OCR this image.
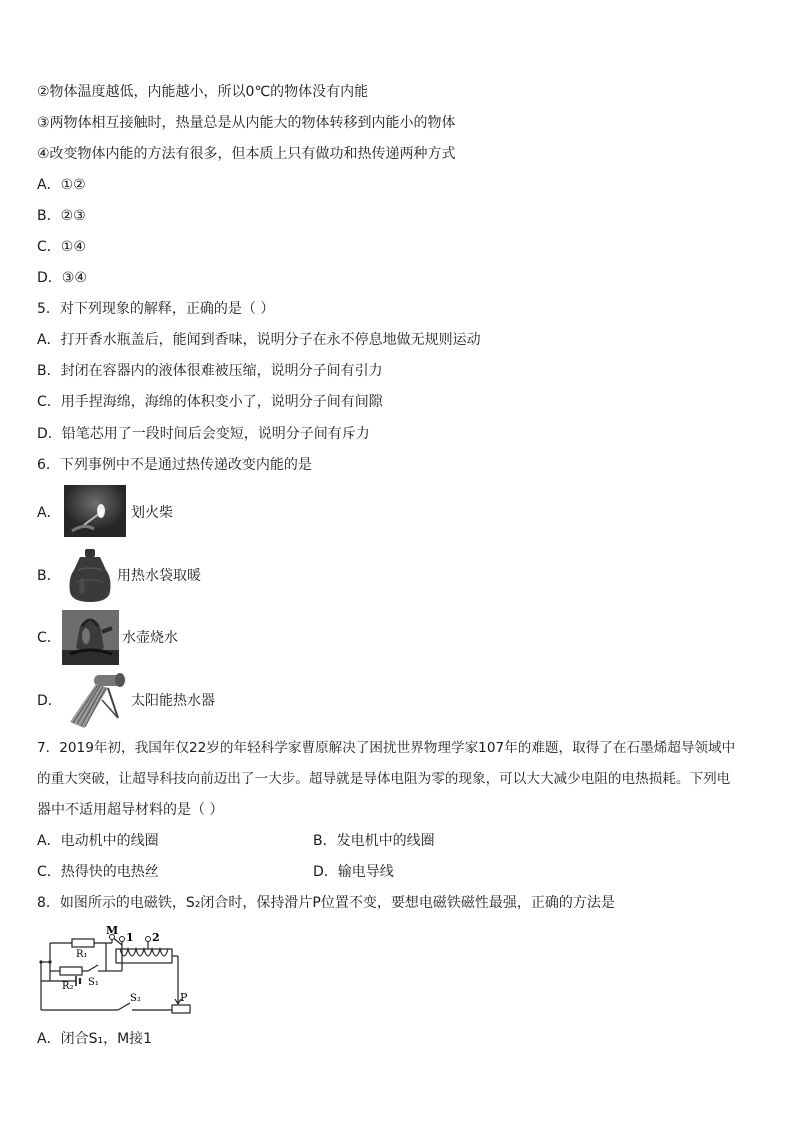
②物体温度越低，内能越小，所以0℃的物体没有内能
③两物体相互接触时，热量总是从内能大的物体转移到内能小的物体
④改变物体内能的方法有很多，但本质上只有做功和热传递两种方式
A．①②
B．②③
C．①④
D．③④
5．对下列现象的解释，正确的是（ ）
A．打开香水瓶盖后，能闻到香味，说明分子在永不停息地做无规则运动
B．封闭在容器内的液体很难被压缩，说明分子间有引力
C．用手捏海绵，海绵的体积变小了，说明分子间有间隙
D．铅笔芯用了一段时间后会变短，说明分子间有斥力
6．下列事例中不是通过热传递改变内能的是
A．	划火柴
B．	用热水袋取暖
C．	水壶烧水
D．	太阳能热水器
7．2019年初，我国年仅22岁的年轻科学家曹原解决了困扰世界物理学家107年的难题，取得了在石墨烯超导领域中
的重大突破，让超导科技向前迈出了一大步。超导就是导体电阻为零的现象，可以大大减少电阻的电热损耗。下列电
器中不适用超导材料的是（ ）
A．电动机中的线圈	B．发电机中的线圈
C．热得快的电热丝	D．输电导线
8．如图所示的电磁铁，S₂闭合时，保持滑片P位置不变，要想电磁铁磁性最强，正确的方法是
M
1 2
R₁
R₂ S₁
S₂	P
A．闭合S₁，M接1
